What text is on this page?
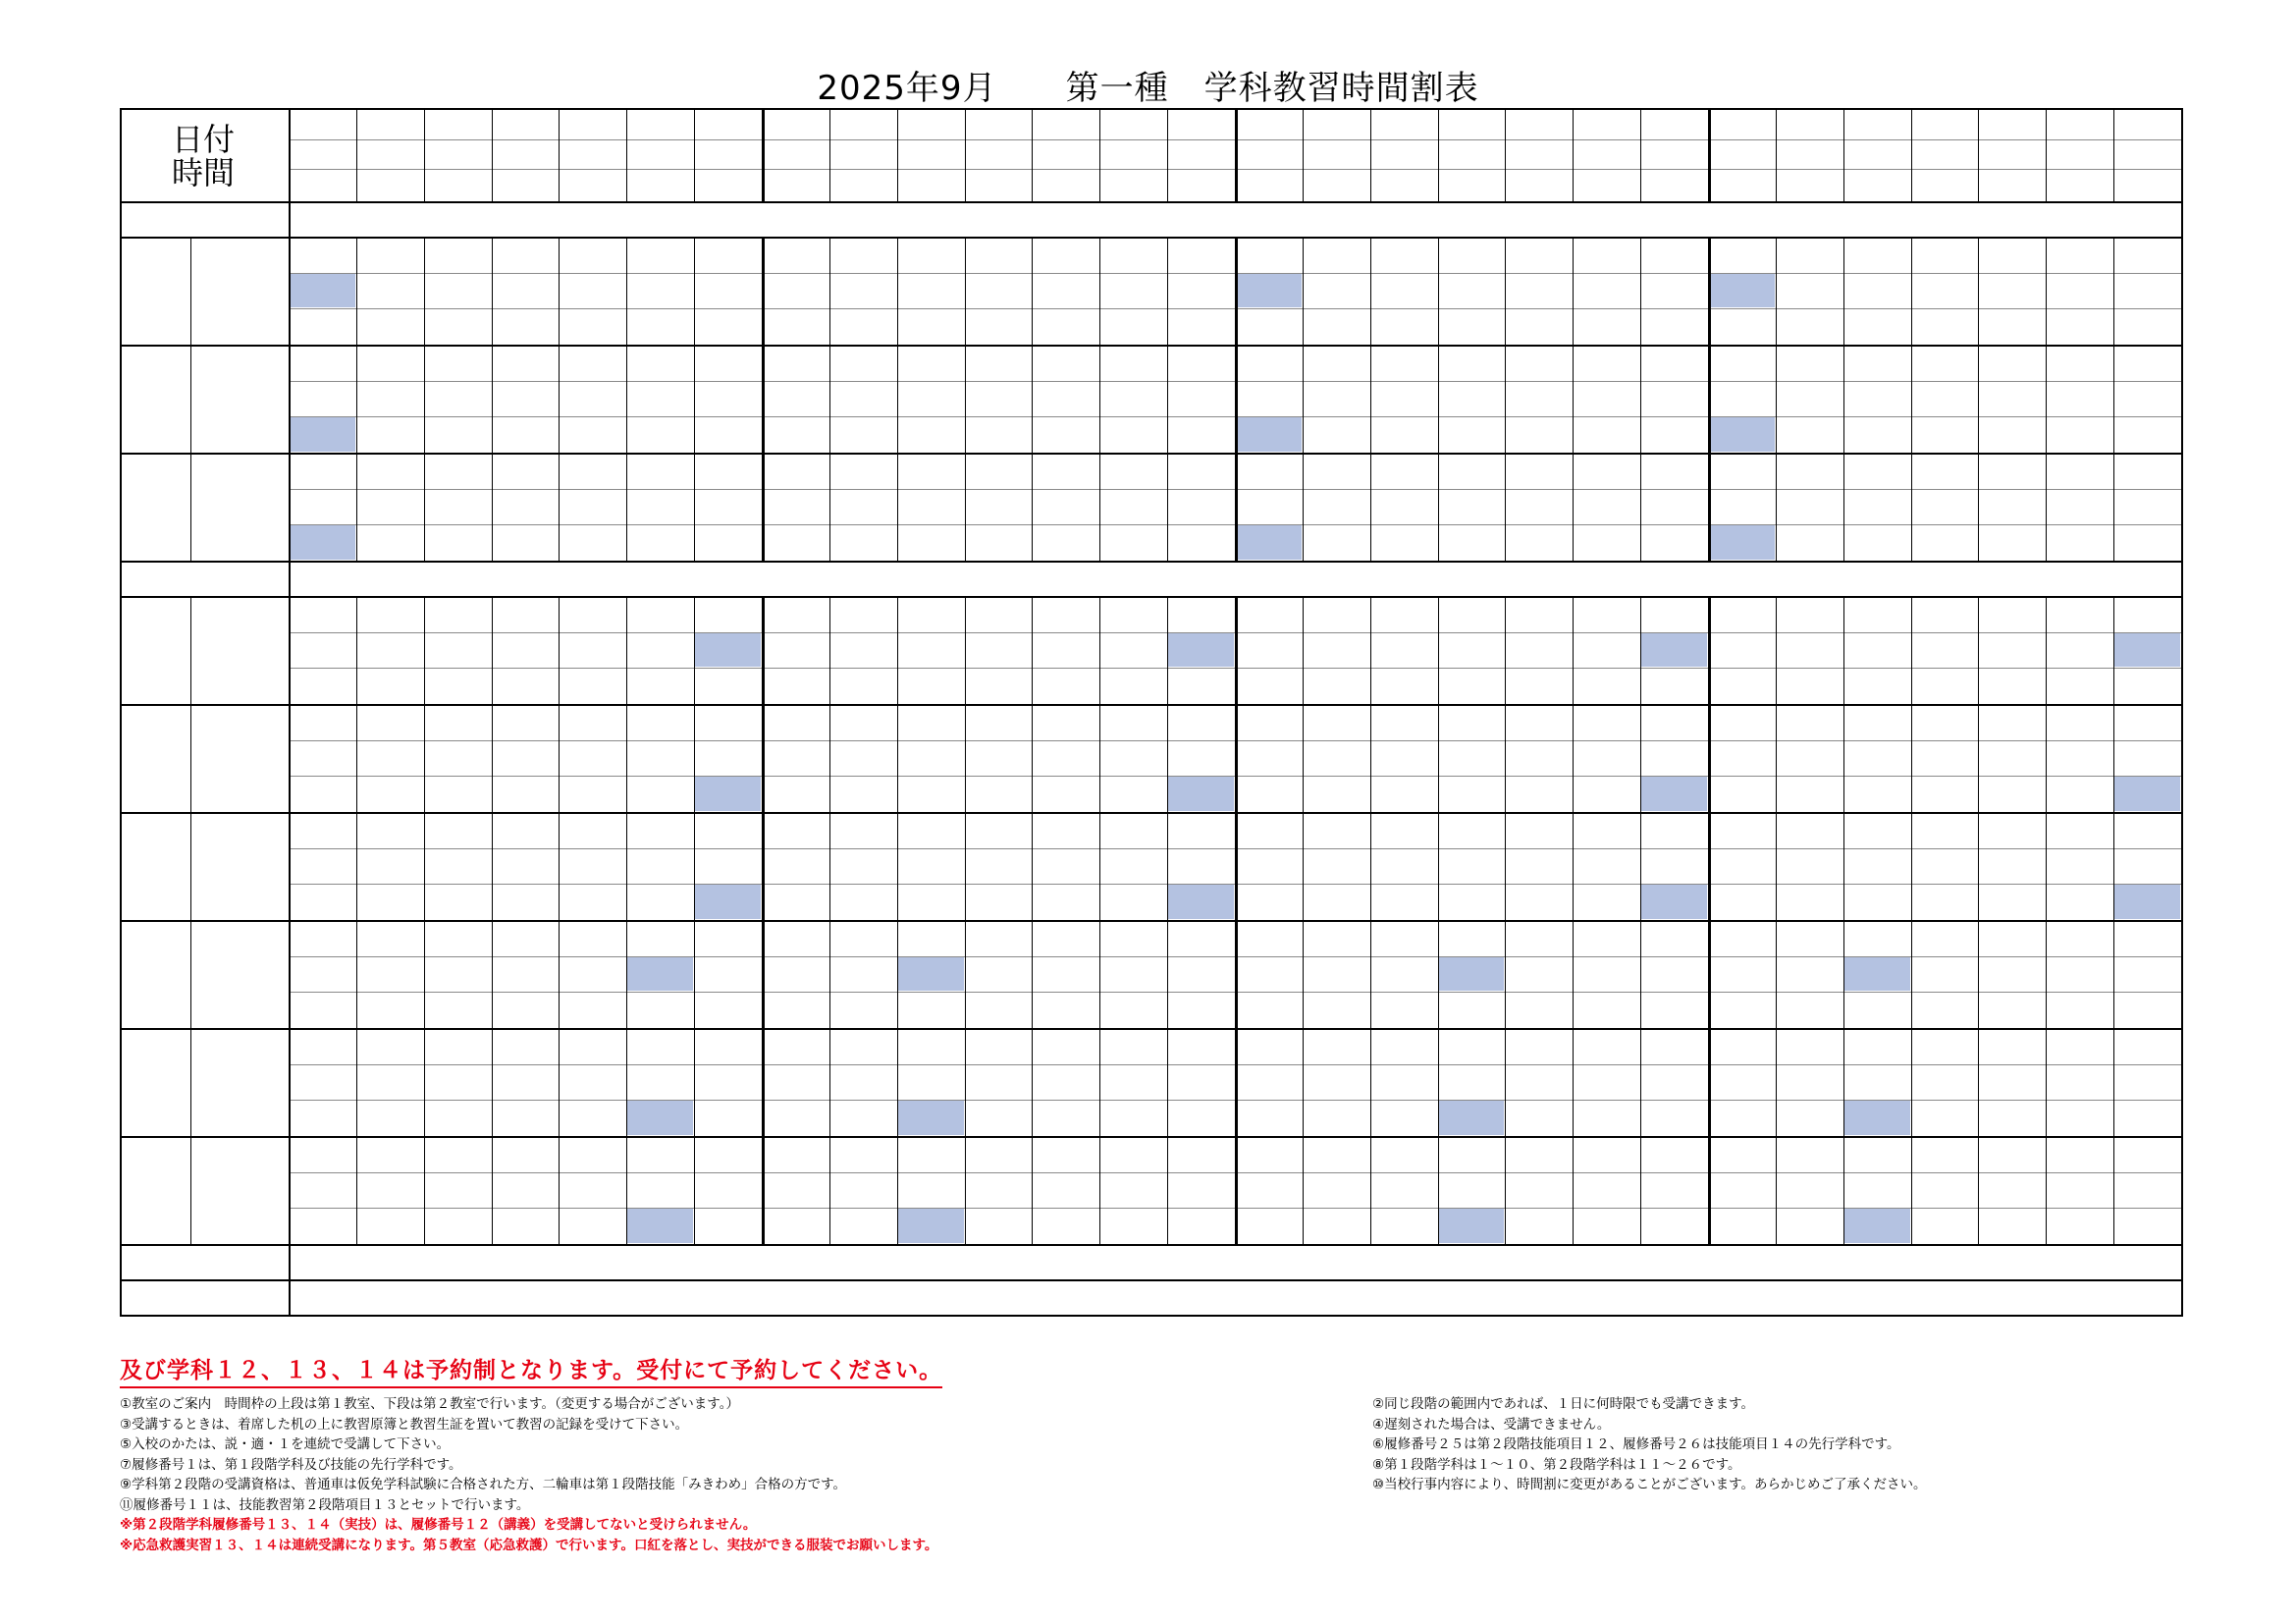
2025年9月 第一種 学科教習時間割表
日付
時間
及び学科１２、１３、１４は予約制となります。受付にて予約してください。
①教室のご案内　時間枠の上段は第１教室、下段は第２教室で行います。（変更する場合がございます。）
③受講するときは、着席した机の上に教習原簿と教習生証を置いて教習の記録を受けて下さい。
⑤入校のかたは、説・適・１を連続で受講して下さい。
⑦履修番号１は、第１段階学科及び技能の先行学科です。
⑨学科第２段階の受講資格は、普通車は仮免学科試験に合格された方、二輪車は第１段階技能「みきわめ」合格の方です。
⑪履修番号１１は、技能教習第２段階項目１３とセットで行います。
※第２段階学科履修番号１３、１４（実技）は、履修番号１２（講義）を受講してないと受けられません。
※応急救護実習１３、１４は連続受講になります。第５教室（応急救護）で行います。口紅を落とし、実技ができる服装でお願いします。
②同じ段階の範囲内であれば、１日に何時限でも受講できます。
④遅刻された場合は、受講できません。
⑥履修番号２５は第２段階技能項目１２、履修番号２６は技能項目１４の先行学科です。
⑧第１段階学科は１～１０、第２段階学科は１１～２６です。
⑩当校行事内容により、時間割に変更があることがございます。あらかじめご了承ください。
